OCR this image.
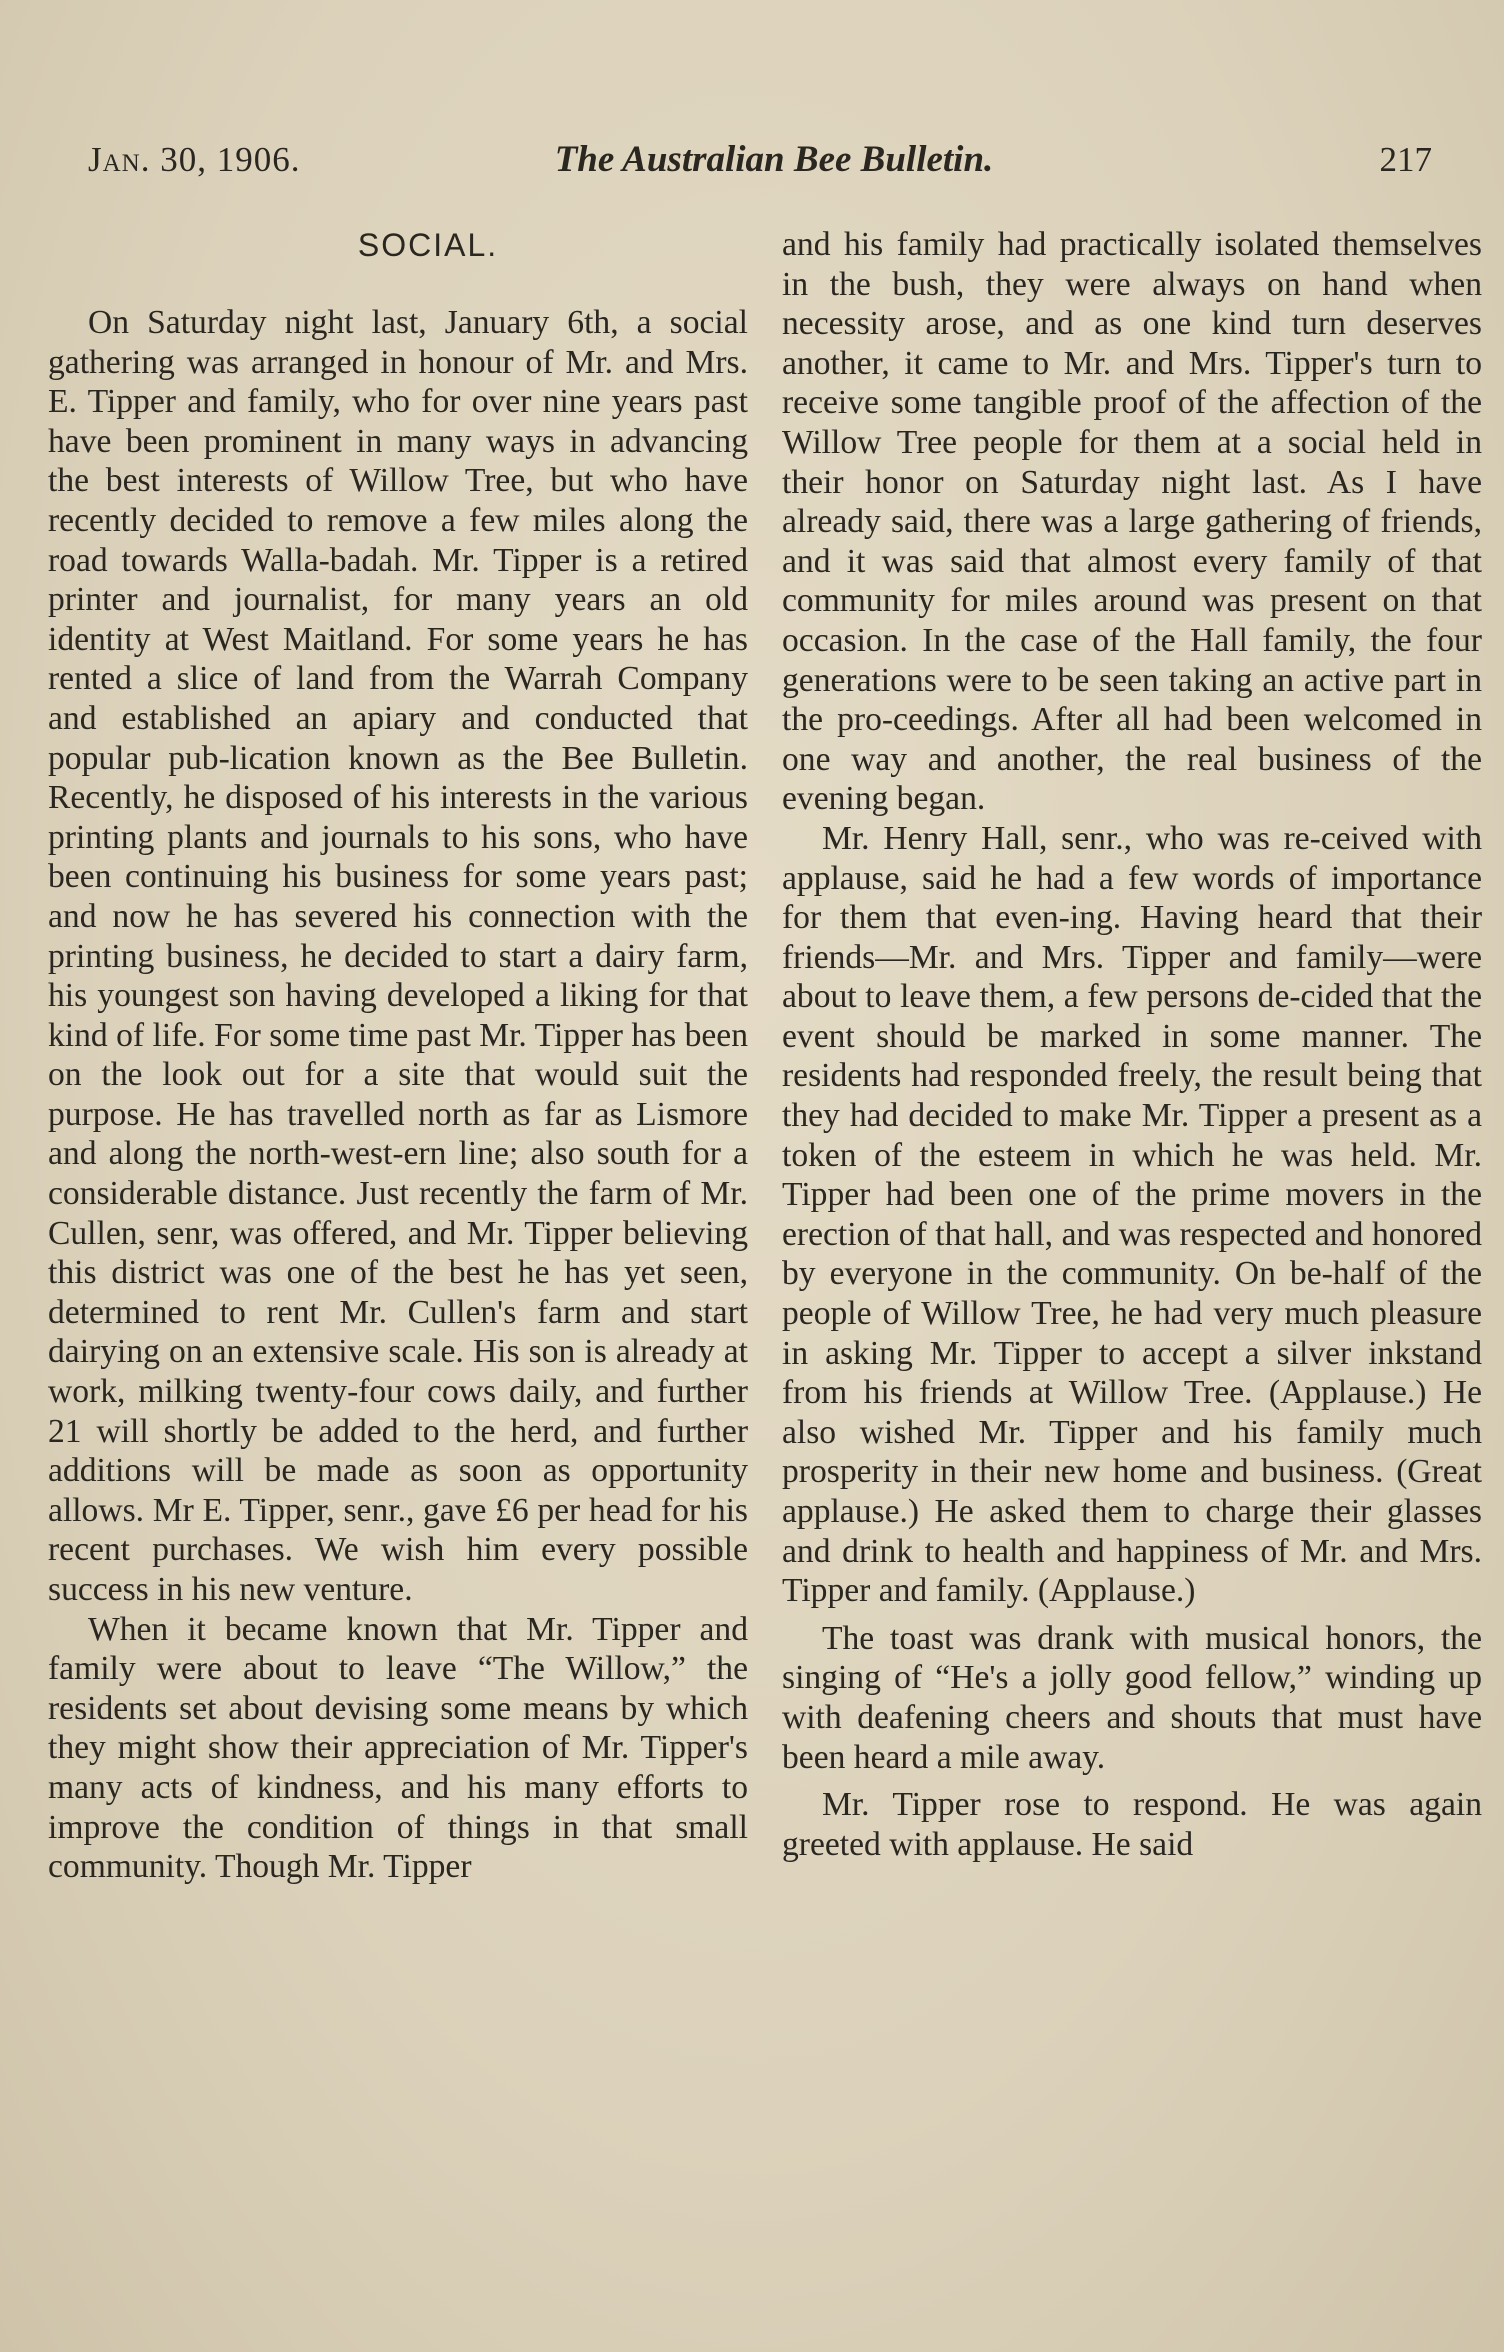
Jan. 30, 1906.	The Australian Bee Bulletin.	217
SOCIAL.

On Saturday night last, January 6th, a social gathering was arranged in honour of Mr. and Mrs. E. Tipper and family, who for over nine years past have been prominent in many ways in advancing the best interests of Willow Tree, but who have recently decided to remove a few miles along the road towards Walla-badah. Mr. Tipper is a retired printer and journalist, for many years an old identity at West Maitland. For some years he has rented a slice of land from the Warrah Company and established an apiary and conducted that popular pub-lication known as the Bee Bulletin. Recently, he disposed of his interests in the various printing plants and journals to his sons, who have been continuing his business for some years past; and now he has severed his connection with the printing business, he decided to start a dairy farm, his youngest son having developed a liking for that kind of life. For some time past Mr. Tipper has been on the look out for a site that would suit the purpose. He has travelled north as far as Lismore and along the north-west-ern line; also south for a considerable distance. Just recently the farm of Mr. Cullen, senr, was offered, and Mr. Tipper believing this district was one of the best he has yet seen, determined to rent Mr. Cullen's farm and start dairying on an extensive scale. His son is already at work, milking twenty-four cows daily, and further 21 will shortly be added to the herd, and further additions will be made as soon as opportunity allows. Mr E. Tipper, senr., gave £6 per head for his recent purchases. We wish him every possible success in his new venture.

When it became known that Mr. Tipper and family were about to leave “The Willow,” the residents set about devising some means by which they might show their appreciation of Mr. Tipper's many acts of kindness, and his many efforts to improve the condition of things in that small community. Though Mr. Tipper

and his family had practically isolated themselves in the bush, they were always on hand when necessity arose, and as one kind turn deserves another, it came to Mr. and Mrs. Tipper's turn to receive some tangible proof of the affection of the Willow Tree people for them at a social held in their honor on Saturday night last. As I have already said, there was a large gathering of friends, and it was said that almost every family of that community for miles around was present on that occasion. In the case of the Hall family, the four generations were to be seen taking an active part in the pro-ceedings. After all had been welcomed in one way and another, the real business of the evening began.

Mr. Henry Hall, senr., who was re-ceived with applause, said he had a few words of importance for them that even-ing. Having heard that their friends—Mr. and Mrs. Tipper and family—were about to leave them, a few persons de-cided that the event should be marked in some manner. The residents had responded freely, the result being that they had decided to make Mr. Tipper a present as a token of the esteem in which he was held. Mr. Tipper had been one of the prime movers in the erection of that hall, and was respected and honored by everyone in the community. On be-half of the people of Willow Tree, he had very much pleasure in asking Mr. Tipper to accept a silver inkstand from his friends at Willow Tree. (Applause.) He also wished Mr. Tipper and his family much prosperity in their new home and business. (Great applause.) He asked them to charge their glasses and drink to health and happiness of Mr. and Mrs. Tipper and family. (Applause.)

The toast was drank with musical honors, the singing of “He's a jolly good fellow,” winding up with deafening cheers and shouts that must have been heard a mile away.

Mr. Tipper rose to respond. He was again greeted with applause. He said
